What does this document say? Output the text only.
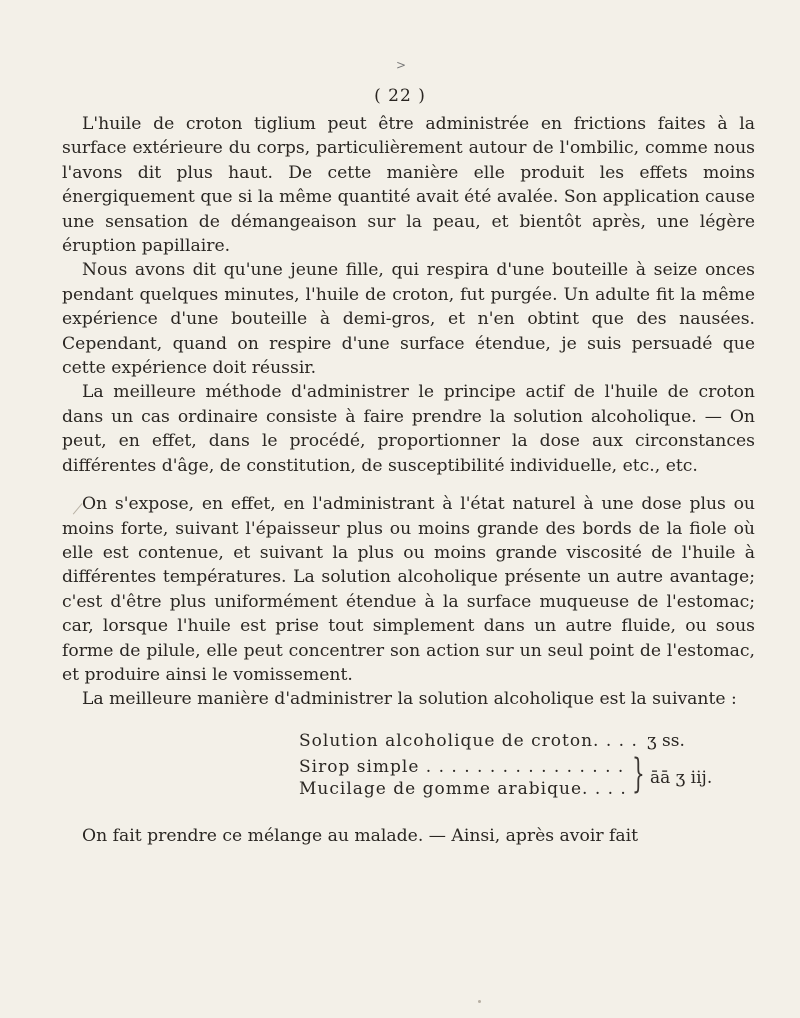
>
( 22 )

L'huile de croton tiglium peut être administrée en frictions faites à la surface extérieure du corps, particulièrement autour de l'ombilic, comme nous l'avons dit plus haut. De cette manière elle produit les effets moins énergiquement que si la même quantité avait été avalée. Son application cause une sensation de démangeaison sur la peau, et bientôt après, une légère éruption papillaire.

Nous avons dit qu'une jeune fille, qui respira d'une bouteille à seize onces pendant quelques minutes, l'huile de croton, fut purgée. Un adulte fit la même expérience d'une bouteille à demi-gros, et n'en obtint que des nausées. Cependant, quand on respire d'une surface étendue, je suis persuadé que cette expérience doit réussir.

La meilleure méthode d'administrer le principe actif de l'huile de croton dans un cas ordinaire consiste à faire prendre la solution alcoholique. — On peut, en effet, dans le procédé, proportionner la dose aux circonstances différentes d'âge, de constitution, de susceptibilité individuelle, etc., etc.

On s'expose, en effet, en l'administrant à l'état naturel à une dose plus ou moins forte, suivant l'épaisseur plus ou moins grande des bords de la fiole où elle est contenue, et suivant la plus ou moins grande viscosité de l'huile à différentes températures. La solution alcoholique présente un autre avantage; c'est d'être plus uniformément étendue à la surface muqueuse de l'estomac; car, lorsque l'huile est prise tout simplement dans un autre fluide, ou sous forme de pilule, elle peut concentrer son action sur un seul point de l'estomac, et produire ainsi le vomissement.

La meilleure manière d'administrer la solution alcoholique est la suivante :

Solution alcoholique de croton. . . . ʒ ss.
Sirop simple . . . . . . . . . . . . . . . .
Mucilage de gomme arabique. . . . } āā ʒ iij.

On fait prendre ce mélange au malade. — Ainsi, après avoir fait
